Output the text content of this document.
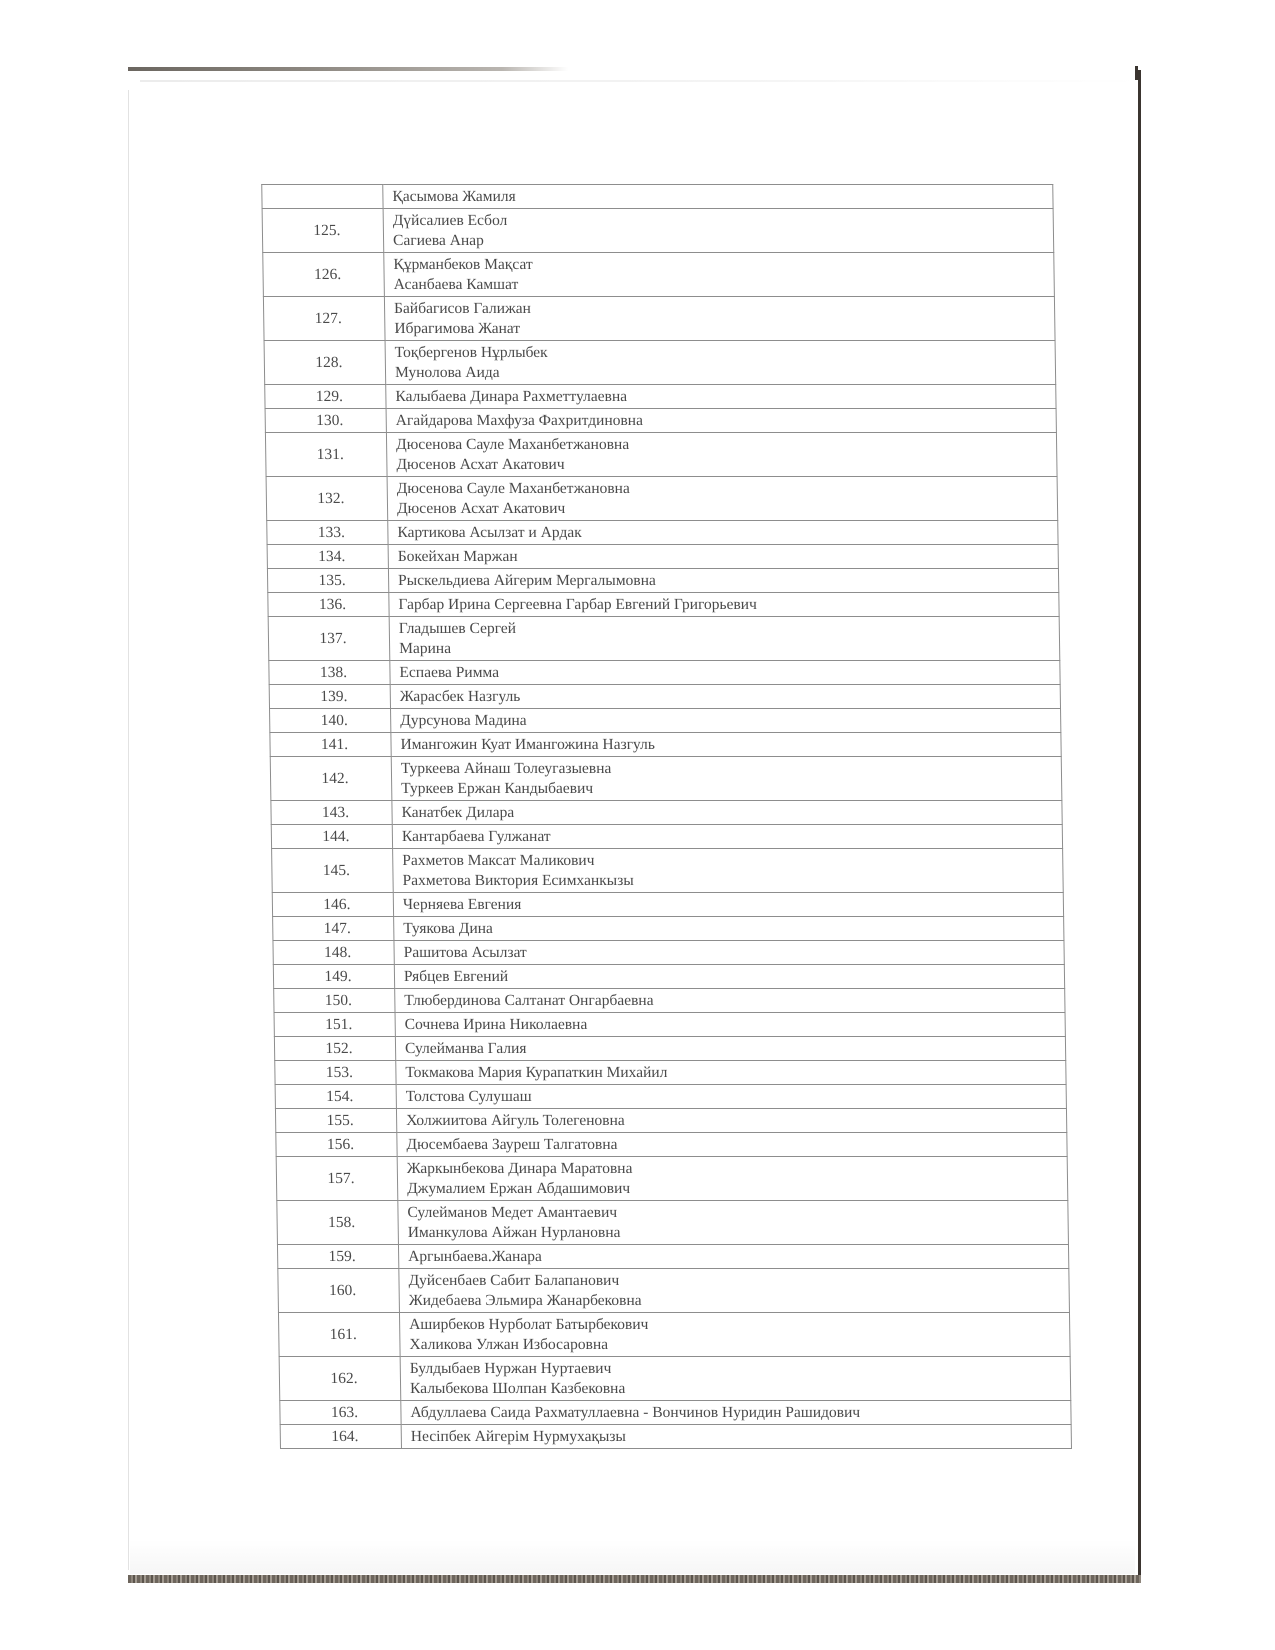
	Қасымова Жамиля

125.	Дүйсалиев Есбол
Сагиева Анар

126.	Құрманбеков Мақсат
Асанбаева Камшат

127.	Байбагисов Галижан
Ибрагимова Жанат

128.	Тоқбергенов Нұрлыбек
Мунолова Аида

129.	Калыбаева Динара Рахметтулаевна

130.	Агайдарова Махфуза Фахритдиновна

131.	Дюсенова Сауле Маханбетжановна
Дюсенов Асхат Акатович

132.	Дюсенова Сауле Маханбетжановна
Дюсенов Асхат Акатович

133.	Картикова Асылзат и Ардак

134.	Бокейхан Маржан

135.	Рыскельдиева Айгерим Мергалымовна

136.	Гарбар Ирина Сергеевна Гарбар Евгений Григорьевич

137.	Гладышев Сергей
Марина

138.	Еспаева Римма

139.	Жарасбек Назгуль

140.	Дурсунова Мадина

141.	Имангожин Куат Имангожина Назгуль

142.	Туркеева Айнаш Толеугазыевна
Туркеев Ержан Кандыбаевич

143.	Канатбек Дилара

144.	Кантарбаева Гулжанат

145.	Рахметов Максат Маликович
Рахметова Виктория Есимханкызы

146.	Черняева Евгения

147.	Туякова Дина

148.	Рашитова Асылзат

149.	Рябцев Евгений

150.	Тлюбердинова Салтанат Онгарбаевна

151.	Сочнева Ирина Николаевна

152.	Сулейманва Галия

153.	Токмакова Мария Курапаткин Михайил

154.	Толстова Сулушаш

155.	Холжиитова Айгуль Толегеновна

156.	Дюсембаева Зауреш Талгатовна

157.	Жаркынбекова Динара Маратовна
Джумалием Ержан Абдашимович

158.	Сулейманов Медет Амантаевич
Иманкулова Айжан Нурлановна

159.	Аргынбаева.Жанара

160.	Дуйсенбаев Сабит Балапанович
Жидебаева Эльмира Жанарбековна

161.	Аширбеков Нурболат Батырбекович
Халикова Улжан Избосаровна

162.	Булдыбаев Нуржан Нуртаевич
Калыбекова Шолпан Казбековна

163.	Абдуллаева Саида Рахматуллаевна - Вончинов Нуридин Рашидович

164.	Несіпбек Айгерім Нурмухақызы
